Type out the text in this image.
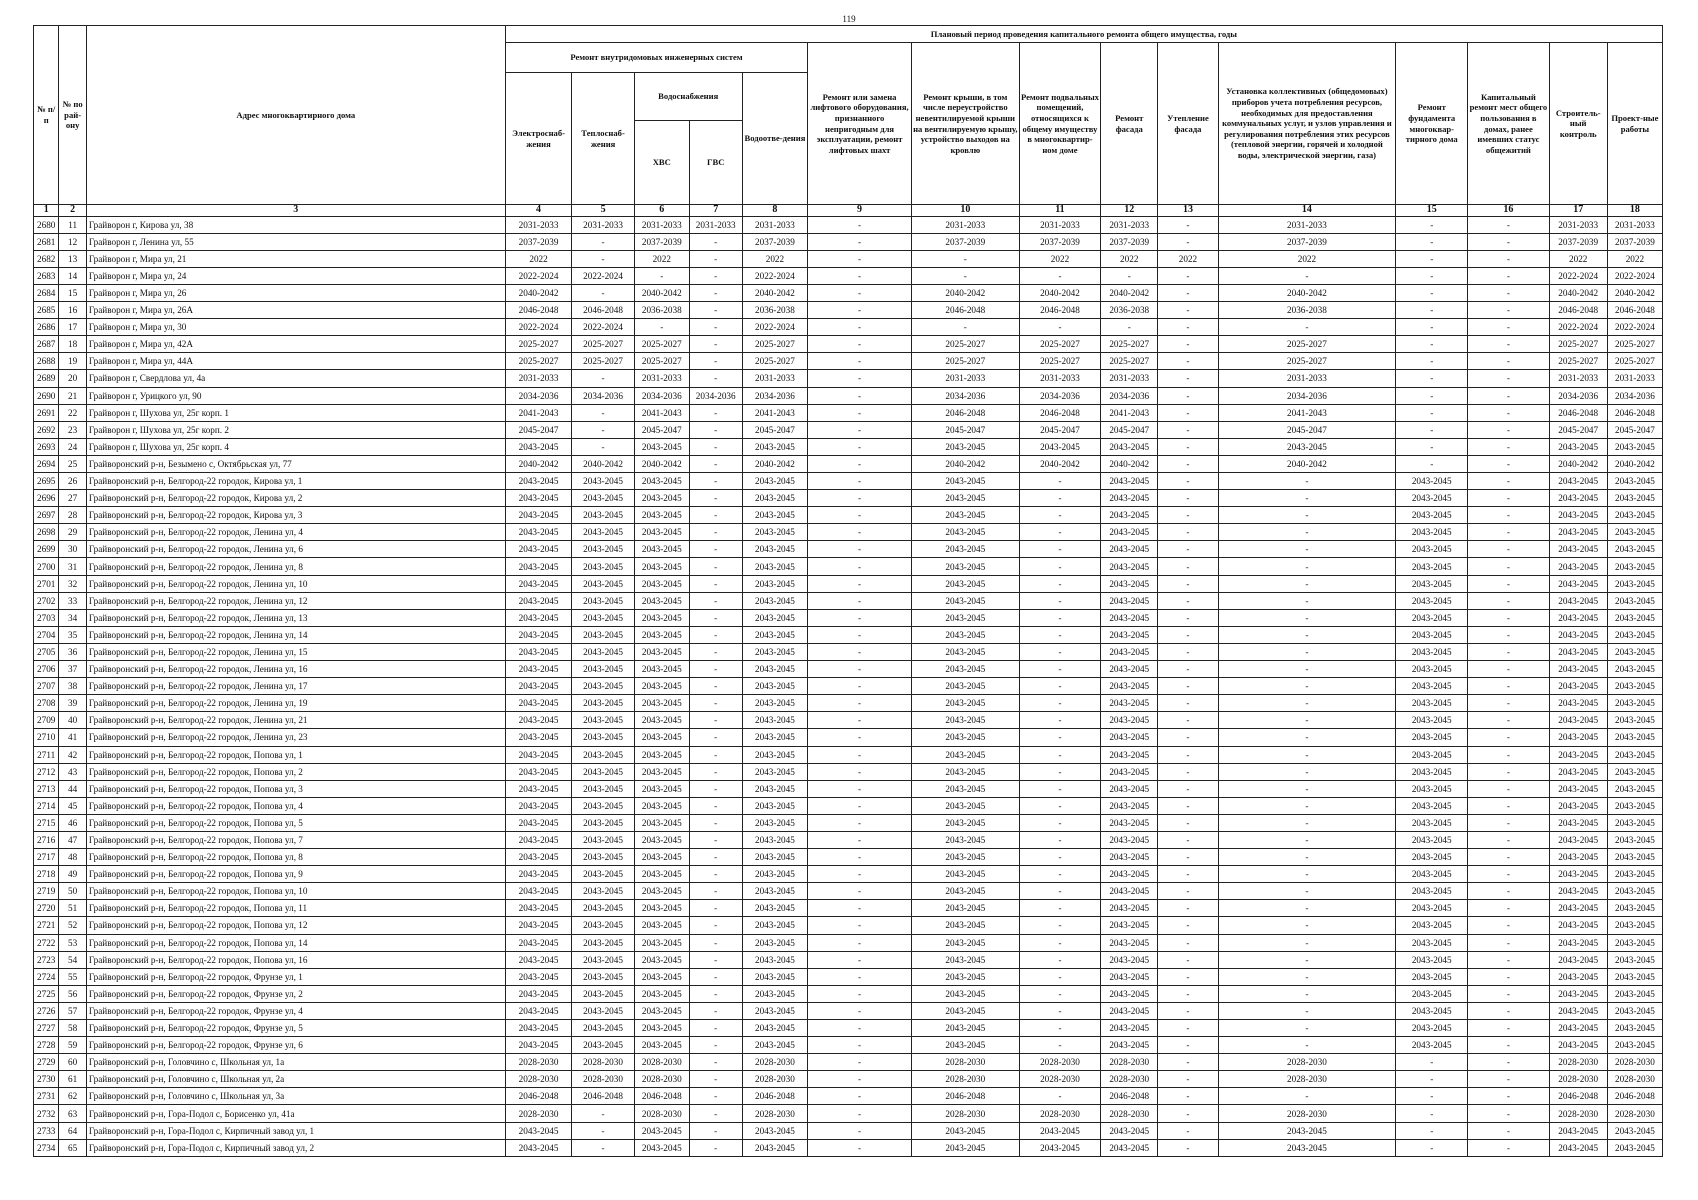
119
№ п/п	№ по рай-ону	Адрес многоквартирного дома	Плановый период проведения капитального ремонта общего имущества, годы														
			Ремонт внутридомовых инженерных систем					Ремонт или замена лифтового оборудования, признанного непригодным для эксплуатации, ремонт лифтовых шахт	Ремонт крыши, в том числе переустройство невентилируемой крыши на вентилируемую крышу, устройство выходов на кровлю	Ремонт подвальных помещений, относящихся к общему имуществу в многоквартир-ном доме	Ремонт фасада	Утепление фасада	Установка коллективных (общедомовых) приборов учета потребления ресурсов, необходимых для предоставления коммунальных услуг, и узлов управления и регулирования потребления этих ресурсов (тепловой энергии, горячей и холодной воды, электрической энергии, газа)	Ремонт фундамента многоквар-тирного дома	Капитальный ремонт мест общего пользования в домах, ранее имевших статус общежитий	Строитель-ный контроль	Проект-ные работы
			Электроснаб-жения	Теплоснаб-жения	Водоснабжения		Водоотве-дения										
					ХВС	ГВС											
1	2	3	4	5	6	7	8	9	10	11	12	13	14	15	16	17	18
2680	11	Грайворон г, Кирова ул, 38	2031-2033	2031-2033	2031-2033	2031-2033	2031-2033	-	2031-2033	2031-2033	2031-2033	-	2031-2033	-	-	2031-2033	2031-2033
2681	12	Грайворон г, Ленина ул, 55	2037-2039	-	2037-2039	-	2037-2039	-	2037-2039	2037-2039	2037-2039	-	2037-2039	-	-	2037-2039	2037-2039
2682	13	Грайворон г, Мира ул, 21	2022	-	2022	-	2022	-	-	2022	2022	2022	2022	-	-	2022	2022
2683	14	Грайворон г, Мира ул, 24	2022-2024	2022-2024	-	-	2022-2024	-	-	-	-	-	-	-	-	2022-2024	2022-2024
2684	15	Грайворон г, Мира ул, 26	2040-2042	-	2040-2042	-	2040-2042	-	2040-2042	2040-2042	2040-2042	-	2040-2042	-	-	2040-2042	2040-2042
2685	16	Грайворон г, Мира ул, 26А	2046-2048	2046-2048	2036-2038	-	2036-2038	-	2046-2048	2046-2048	2036-2038	-	2036-2038	-	-	2046-2048	2046-2048
2686	17	Грайворон г, Мира ул, 30	2022-2024	2022-2024	-	-	2022-2024	-	-	-	-	-	-	-	-	2022-2024	2022-2024
2687	18	Грайворон г, Мира ул, 42А	2025-2027	2025-2027	2025-2027	-	2025-2027	-	2025-2027	2025-2027	2025-2027	-	2025-2027	-	-	2025-2027	2025-2027
2688	19	Грайворон г, Мира ул, 44А	2025-2027	2025-2027	2025-2027	-	2025-2027	-	2025-2027	2025-2027	2025-2027	-	2025-2027	-	-	2025-2027	2025-2027
2689	20	Грайворон г, Свердлова ул, 4а	2031-2033	-	2031-2033	-	2031-2033	-	2031-2033	2031-2033	2031-2033	-	2031-2033	-	-	2031-2033	2031-2033
2690	21	Грайворон г, Урицкого ул, 90	2034-2036	2034-2036	2034-2036	2034-2036	2034-2036	-	2034-2036	2034-2036	2034-2036	-	2034-2036	-	-	2034-2036	2034-2036
2691	22	Грайворон г, Шухова ул, 25г корп. 1	2041-2043	-	2041-2043	-	2041-2043	-	2046-2048	2046-2048	2041-2043	-	2041-2043	-	-	2046-2048	2046-2048
2692	23	Грайворон г, Шухова ул, 25г корп. 2	2045-2047	-	2045-2047	-	2045-2047	-	2045-2047	2045-2047	2045-2047	-	2045-2047	-	-	2045-2047	2045-2047
2693	24	Грайворон г, Шухова ул, 25г корп. 4	2043-2045	-	2043-2045	-	2043-2045	-	2043-2045	2043-2045	2043-2045	-	2043-2045	-	-	2043-2045	2043-2045
2694	25	Грайворонский р-н, Безымено с, Октябрьская ул, 77	2040-2042	2040-2042	2040-2042	-	2040-2042	-	2040-2042	2040-2042	2040-2042	-	2040-2042	-	-	2040-2042	2040-2042
2695	26	Грайворонский р-н, Белгород-22 городок, Кирова ул, 1	2043-2045	2043-2045	2043-2045	-	2043-2045	-	2043-2045	-	2043-2045	-	-	2043-2045	-	2043-2045	2043-2045
2696	27	Грайворонский р-н, Белгород-22 городок, Кирова ул, 2	2043-2045	2043-2045	2043-2045	-	2043-2045	-	2043-2045	-	2043-2045	-	-	2043-2045	-	2043-2045	2043-2045
2697	28	Грайворонский р-н, Белгород-22 городок, Кирова ул, 3	2043-2045	2043-2045	2043-2045	-	2043-2045	-	2043-2045	-	2043-2045	-	-	2043-2045	-	2043-2045	2043-2045
2698	29	Грайворонский р-н, Белгород-22 городок, Ленина ул, 4	2043-2045	2043-2045	2043-2045	-	2043-2045	-	2043-2045	-	2043-2045	-	-	2043-2045	-	2043-2045	2043-2045
2699	30	Грайворонский р-н, Белгород-22 городок, Ленина ул, 6	2043-2045	2043-2045	2043-2045	-	2043-2045	-	2043-2045	-	2043-2045	-	-	2043-2045	-	2043-2045	2043-2045
2700	31	Грайворонский р-н, Белгород-22 городок, Ленина ул, 8	2043-2045	2043-2045	2043-2045	-	2043-2045	-	2043-2045	-	2043-2045	-	-	2043-2045	-	2043-2045	2043-2045
2701	32	Грайворонский р-н, Белгород-22 городок, Ленина ул, 10	2043-2045	2043-2045	2043-2045	-	2043-2045	-	2043-2045	-	2043-2045	-	-	2043-2045	-	2043-2045	2043-2045
2702	33	Грайворонский р-н, Белгород-22 городок, Ленина ул, 12	2043-2045	2043-2045	2043-2045	-	2043-2045	-	2043-2045	-	2043-2045	-	-	2043-2045	-	2043-2045	2043-2045
2703	34	Грайворонский р-н, Белгород-22 городок, Ленина ул, 13	2043-2045	2043-2045	2043-2045	-	2043-2045	-	2043-2045	-	2043-2045	-	-	2043-2045	-	2043-2045	2043-2045
2704	35	Грайворонский р-н, Белгород-22 городок, Ленина ул, 14	2043-2045	2043-2045	2043-2045	-	2043-2045	-	2043-2045	-	2043-2045	-	-	2043-2045	-	2043-2045	2043-2045
2705	36	Грайворонский р-н, Белгород-22 городок, Ленина ул, 15	2043-2045	2043-2045	2043-2045	-	2043-2045	-	2043-2045	-	2043-2045	-	-	2043-2045	-	2043-2045	2043-2045
2706	37	Грайворонский р-н, Белгород-22 городок, Ленина ул, 16	2043-2045	2043-2045	2043-2045	-	2043-2045	-	2043-2045	-	2043-2045	-	-	2043-2045	-	2043-2045	2043-2045
2707	38	Грайворонский р-н, Белгород-22 городок, Ленина ул, 17	2043-2045	2043-2045	2043-2045	-	2043-2045	-	2043-2045	-	2043-2045	-	-	2043-2045	-	2043-2045	2043-2045
2708	39	Грайворонский р-н, Белгород-22 городок, Ленина ул, 19	2043-2045	2043-2045	2043-2045	-	2043-2045	-	2043-2045	-	2043-2045	-	-	2043-2045	-	2043-2045	2043-2045
2709	40	Грайворонский р-н, Белгород-22 городок, Ленина ул, 21	2043-2045	2043-2045	2043-2045	-	2043-2045	-	2043-2045	-	2043-2045	-	-	2043-2045	-	2043-2045	2043-2045
2710	41	Грайворонский р-н, Белгород-22 городок, Ленина ул, 23	2043-2045	2043-2045	2043-2045	-	2043-2045	-	2043-2045	-	2043-2045	-	-	2043-2045	-	2043-2045	2043-2045
2711	42	Грайворонский р-н, Белгород-22 городок, Попова ул, 1	2043-2045	2043-2045	2043-2045	-	2043-2045	-	2043-2045	-	2043-2045	-	-	2043-2045	-	2043-2045	2043-2045
2712	43	Грайворонский р-н, Белгород-22 городок, Попова ул, 2	2043-2045	2043-2045	2043-2045	-	2043-2045	-	2043-2045	-	2043-2045	-	-	2043-2045	-	2043-2045	2043-2045
2713	44	Грайворонский р-н, Белгород-22 городок, Попова ул, 3	2043-2045	2043-2045	2043-2045	-	2043-2045	-	2043-2045	-	2043-2045	-	-	2043-2045	-	2043-2045	2043-2045
2714	45	Грайворонский р-н, Белгород-22 городок, Попова ул, 4	2043-2045	2043-2045	2043-2045	-	2043-2045	-	2043-2045	-	2043-2045	-	-	2043-2045	-	2043-2045	2043-2045
2715	46	Грайворонский р-н, Белгород-22 городок, Попова ул, 5	2043-2045	2043-2045	2043-2045	-	2043-2045	-	2043-2045	-	2043-2045	-	-	2043-2045	-	2043-2045	2043-2045
2716	47	Грайворонский р-н, Белгород-22 городок, Попова ул, 7	2043-2045	2043-2045	2043-2045	-	2043-2045	-	2043-2045	-	2043-2045	-	-	2043-2045	-	2043-2045	2043-2045
2717	48	Грайворонский р-н, Белгород-22 городок, Попова ул, 8	2043-2045	2043-2045	2043-2045	-	2043-2045	-	2043-2045	-	2043-2045	-	-	2043-2045	-	2043-2045	2043-2045
2718	49	Грайворонский р-н, Белгород-22 городок, Попова ул, 9	2043-2045	2043-2045	2043-2045	-	2043-2045	-	2043-2045	-	2043-2045	-	-	2043-2045	-	2043-2045	2043-2045
2719	50	Грайворонский р-н, Белгород-22 городок, Попова ул, 10	2043-2045	2043-2045	2043-2045	-	2043-2045	-	2043-2045	-	2043-2045	-	-	2043-2045	-	2043-2045	2043-2045
2720	51	Грайворонский р-н, Белгород-22 городок, Попова ул, 11	2043-2045	2043-2045	2043-2045	-	2043-2045	-	2043-2045	-	2043-2045	-	-	2043-2045	-	2043-2045	2043-2045
2721	52	Грайворонский р-н, Белгород-22 городок, Попова ул, 12	2043-2045	2043-2045	2043-2045	-	2043-2045	-	2043-2045	-	2043-2045	-	-	2043-2045	-	2043-2045	2043-2045
2722	53	Грайворонский р-н, Белгород-22 городок, Попова ул, 14	2043-2045	2043-2045	2043-2045	-	2043-2045	-	2043-2045	-	2043-2045	-	-	2043-2045	-	2043-2045	2043-2045
2723	54	Грайворонский р-н, Белгород-22 городок, Попова ул, 16	2043-2045	2043-2045	2043-2045	-	2043-2045	-	2043-2045	-	2043-2045	-	-	2043-2045	-	2043-2045	2043-2045
2724	55	Грайворонский р-н, Белгород-22 городок, Фрунзе ул, 1	2043-2045	2043-2045	2043-2045	-	2043-2045	-	2043-2045	-	2043-2045	-	-	2043-2045	-	2043-2045	2043-2045
2725	56	Грайворонский р-н, Белгород-22 городок, Фрунзе ул, 2	2043-2045	2043-2045	2043-2045	-	2043-2045	-	2043-2045	-	2043-2045	-	-	2043-2045	-	2043-2045	2043-2045
2726	57	Грайворонский р-н, Белгород-22 городок, Фрунзе ул, 4	2043-2045	2043-2045	2043-2045	-	2043-2045	-	2043-2045	-	2043-2045	-	-	2043-2045	-	2043-2045	2043-2045
2727	58	Грайворонский р-н, Белгород-22 городок, Фрунзе ул, 5	2043-2045	2043-2045	2043-2045	-	2043-2045	-	2043-2045	-	2043-2045	-	-	2043-2045	-	2043-2045	2043-2045
2728	59	Грайворонский р-н, Белгород-22 городок, Фрунзе ул, 6	2043-2045	2043-2045	2043-2045	-	2043-2045	-	2043-2045	-	2043-2045	-	-	2043-2045	-	2043-2045	2043-2045
2729	60	Грайворонский р-н, Головчино с, Школьная ул, 1а	2028-2030	2028-2030	2028-2030	-	2028-2030	-	2028-2030	2028-2030	2028-2030	-	2028-2030	-	-	2028-2030	2028-2030
2730	61	Грайворонский р-н, Головчино с, Школьная ул, 2а	2028-2030	2028-2030	2028-2030	-	2028-2030	-	2028-2030	2028-2030	2028-2030	-	2028-2030	-	-	2028-2030	2028-2030
2731	62	Грайворонский р-н, Головчино с, Школьная ул, 3а	2046-2048	2046-2048	2046-2048	-	2046-2048	-	2046-2048	-	2046-2048	-	-	-	-	2046-2048	2046-2048
2732	63	Грайворонский р-н, Гора-Подол с, Борисенко ул, 41а	2028-2030	-	2028-2030	-	2028-2030	-	2028-2030	2028-2030	2028-2030	-	2028-2030	-	-	2028-2030	2028-2030
2733	64	Грайворонский р-н, Гора-Подол с, Кирпичный завод ул, 1	2043-2045	-	2043-2045	-	2043-2045	-	2043-2045	2043-2045	2043-2045	-	2043-2045	-	-	2043-2045	2043-2045
2734	65	Грайворонский р-н, Гора-Подол с, Кирпичный завод ул, 2	2043-2045	-	2043-2045	-	2043-2045	-	2043-2045	2043-2045	2043-2045	-	2043-2045	-	-	2043-2045	2043-2045
